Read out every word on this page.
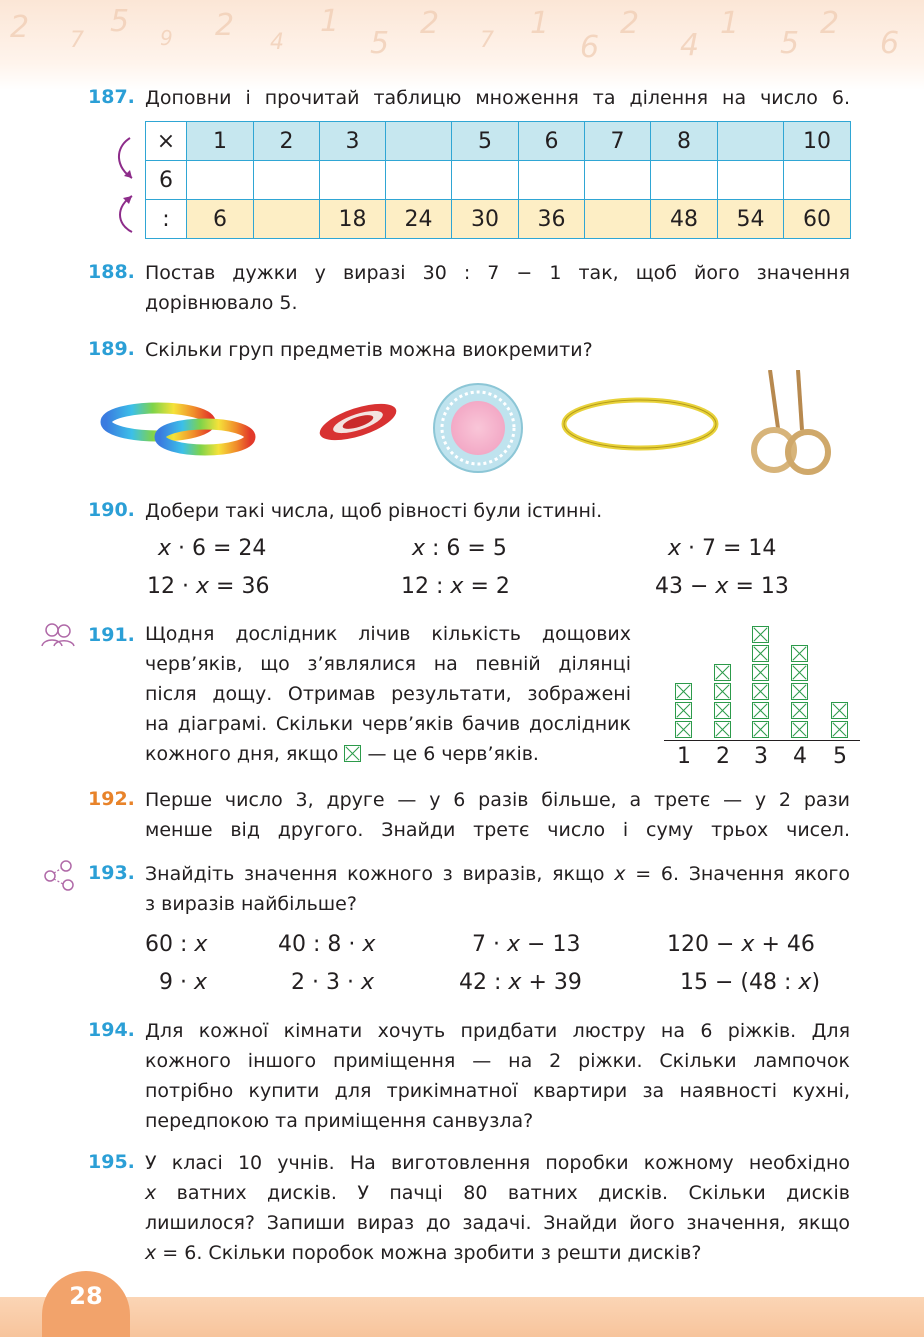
2 7
5 9 2 4
1
5
2 7 1
6
2
4
1
5
2
6
187. Доповни і прочитай таблицю множення та ділення на число 6.
×	1	2	3		5	6	7	8		10
6										
:	6		18	24	30	36		48	54	60
188. Постав дужки у виразі 30 : 7 − 1 так, щоб його значення
дорівнювало 5.
189. Скільки груп предметів можна виокремити?
190. Добери такі числа, щоб рівності були істинні.
x · 6 = 24	x : 6 = 5	x · 7 = 14
12 · x = 36	12 : x = 2	43 − x = 13
191. Щодня дослідник лічив кількість дощових
черв’яків, що з’являлися на певній ділянці
після дощу. Отримав результати, зображені
на діаграмі. Скільки черв’яків бачив дослідник
кожного дня, якщо — це 6 черв’яків.	1 2 3 4 5
192. Перше число 3, друге — у 6 разів більше, а третє — у 2 рази
менше від другого. Знайди третє число і суму трьох чисел.
193. Знайдіть значення кожного з виразів, якщо x = 6. Значення якого
з виразів найбільше?
60 : x	40 : 8 · x	7 · x − 13	120 − x + 46
9 · x	2 · 3 · x	42 : x + 39	15 − (48 : x)
194. Для кожної кімнати хочуть придбати люстру на 6 ріжків. Для
кожного іншого приміщення — на 2 ріжки. Скільки лампочок
потрібно купити для трикімнатної квартири за наявності кухні,
передпокою та приміщення санвузла?
195. У класі 10 учнів. На виготовлення поробки кожному необхідно
x ватних дисків. У пачці 80 ватних дисків. Скільки дисків
лишилося? Запиши вираз до задачі. Знайди його значення, якщо
x = 6. Скільки поробок можна зробити з решти дисків?
28
